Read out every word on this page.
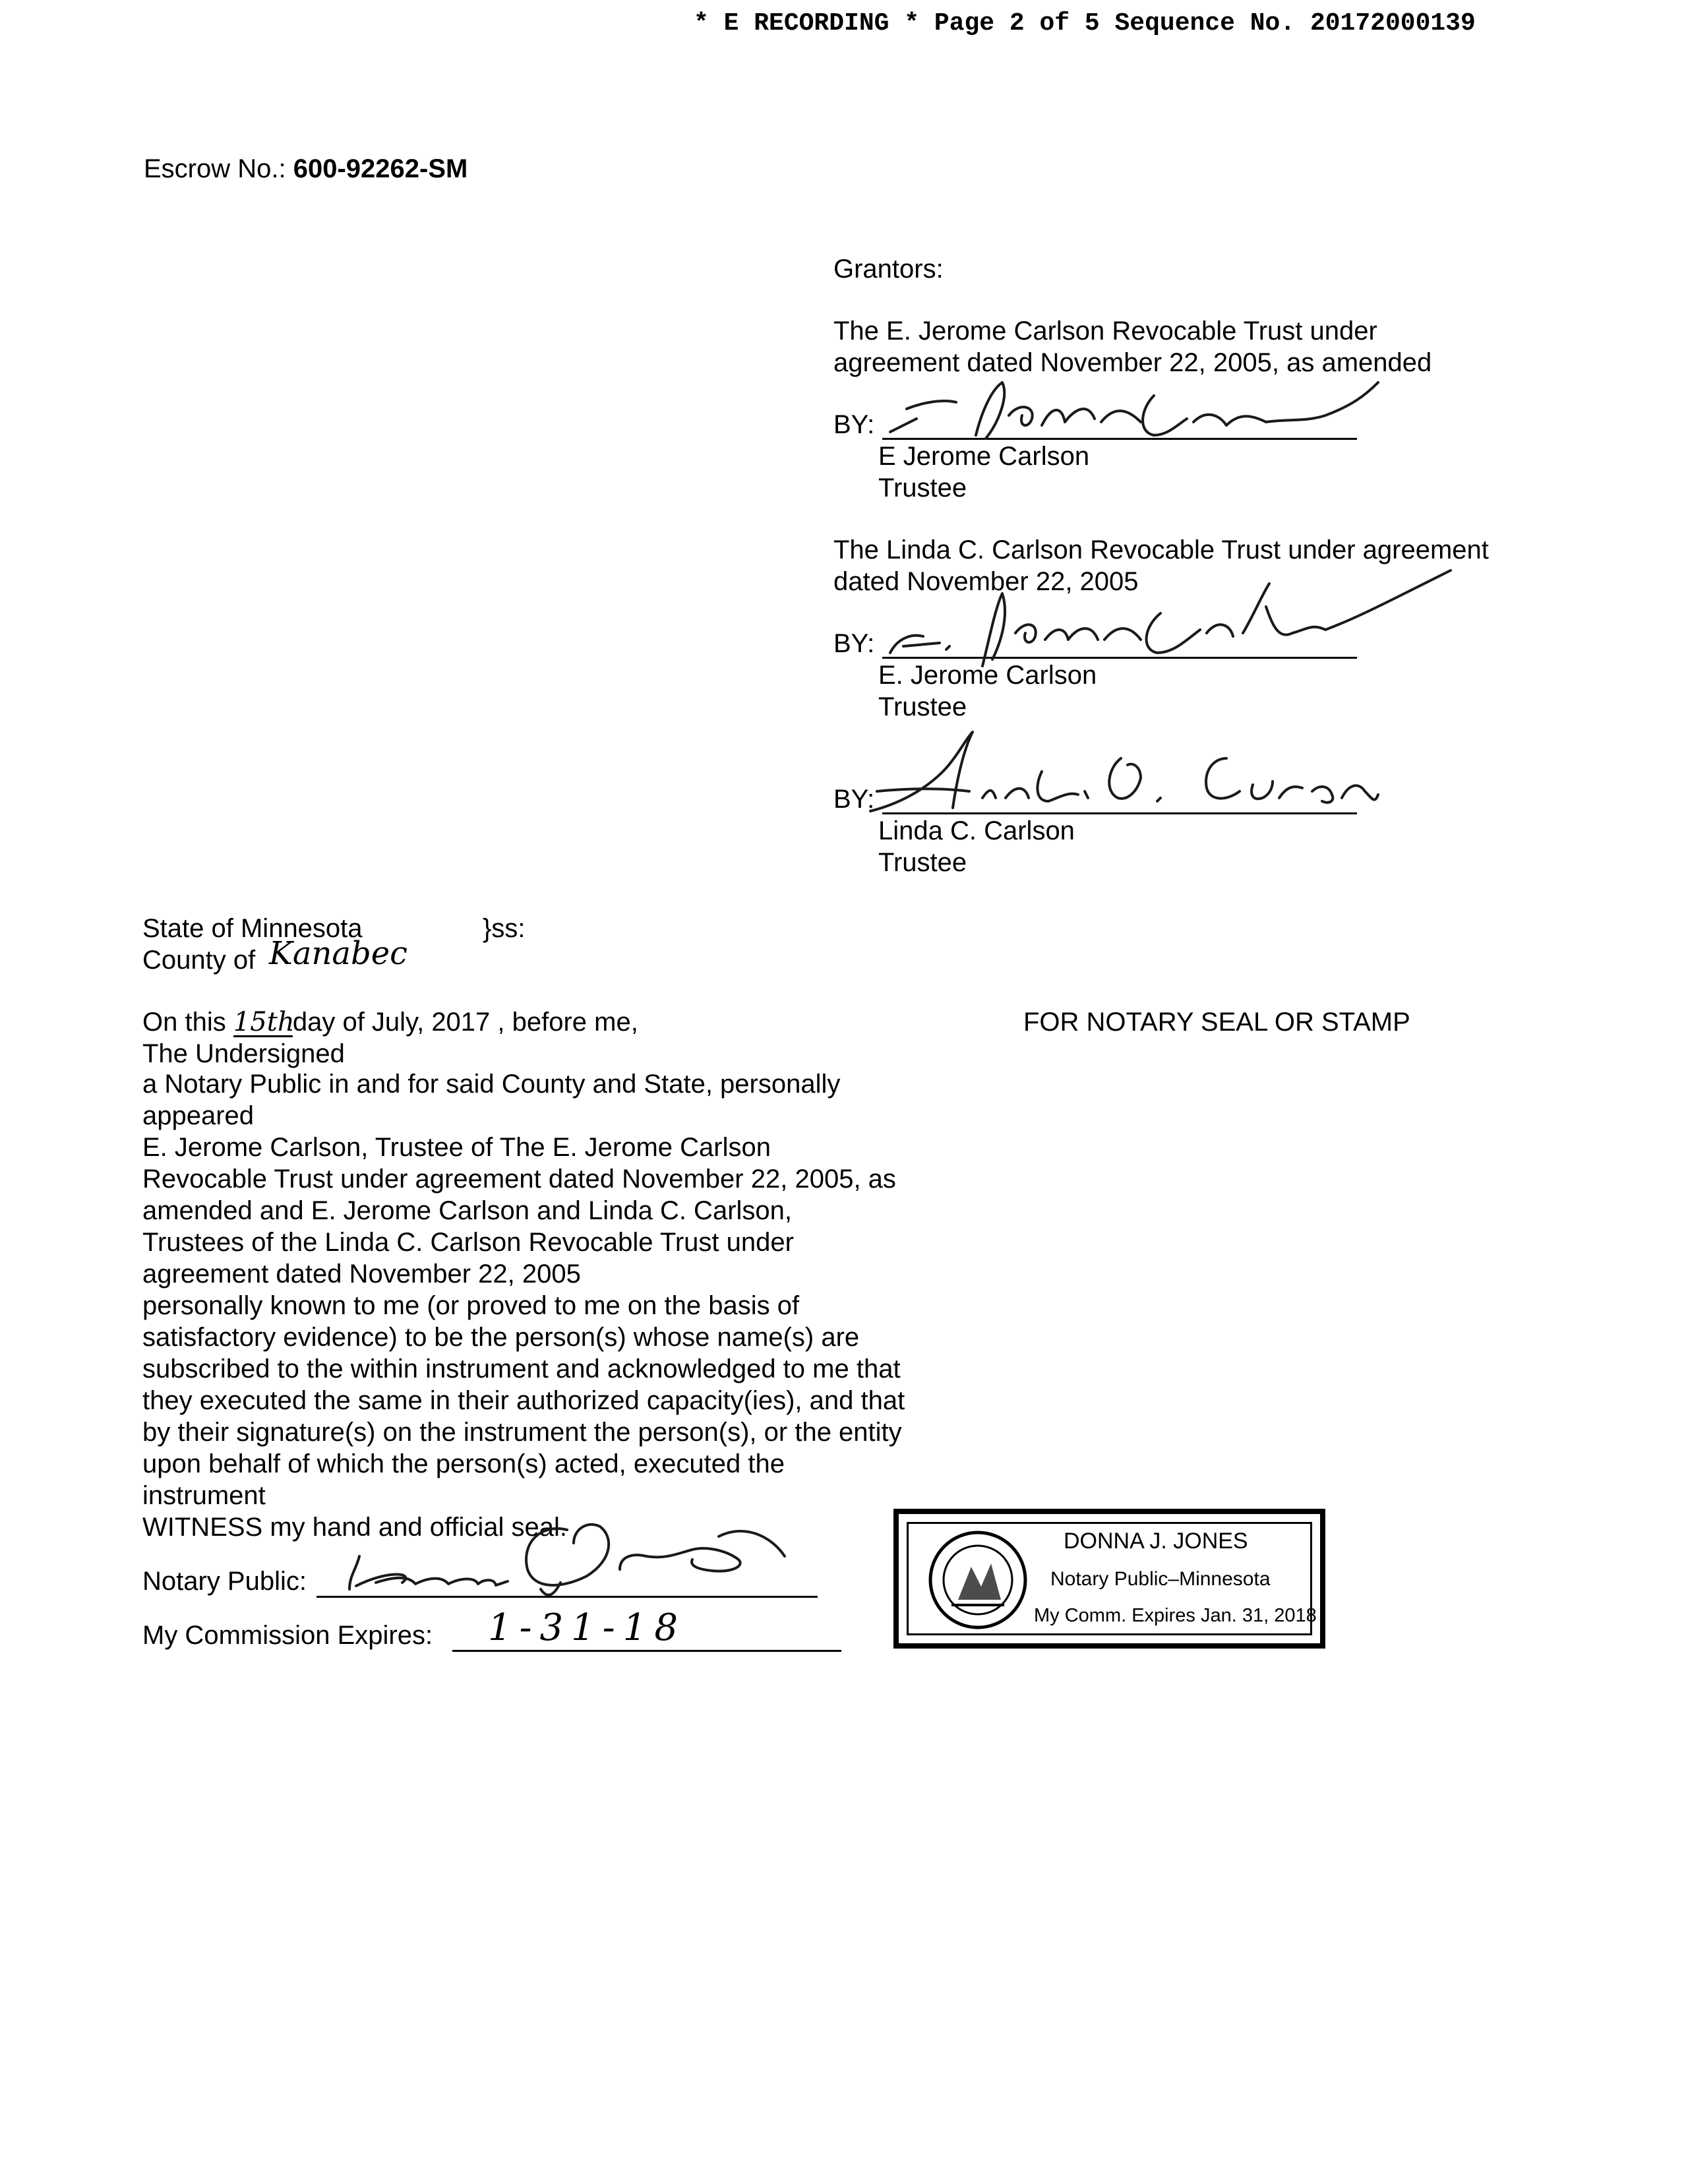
* E RECORDING * Page 2 of 5 Sequence No. 20172000139
Escrow No.: 600-92262-SM
Grantors:
The E. Jerome Carlson Revocable Trust under
agreement dated November 22, 2005, as amended
BY:
E Jerome Carlson
Trustee
The Linda C. Carlson Revocable Trust under agreement
dated November 22, 2005
BY:
E. Jerome Carlson
Trustee
BY:
Linda C. Carlson
Trustee
State of Minnesota	}ss:
County of Kanabec
On this 15thday of July, 2017 , before me,
The Undersigned
a Notary Public in and for said County and State, personally
appeared
E. Jerome Carlson, Trustee of The E. Jerome Carlson
Revocable Trust under agreement dated November 22, 2005, as
amended and E. Jerome Carlson and Linda C. Carlson,
Trustees of the Linda C. Carlson Revocable Trust under
agreement dated November 22, 2005
personally known to me (or proved to me on the basis of
satisfactory evidence) to be the person(s) whose name(s) are
subscribed to the within instrument and acknowledged to me that
they executed the same in their authorized capacity(ies), and that
by their signature(s) on the instrument the person(s), or the entity
upon behalf of which the person(s) acted, executed the
instrument
WITNESS my hand and official seal.
Notary Public:
My Commission Expires: 1-31-18
FOR NOTARY SEAL OR STAMP
DONNA J. JONES
Notary Public–Minnesota
My Comm. Expires Jan. 31, 2018
